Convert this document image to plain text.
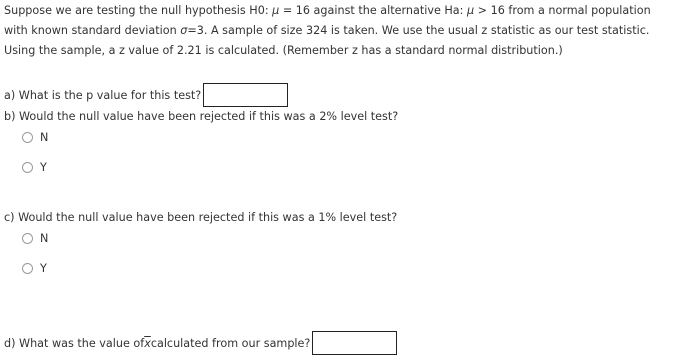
Suppose we are testing the null hypothesis H0: μ = 16 against the alternative Ha: μ > 16 from a normal population

with known standard deviation σ=3. A sample of size 324 is taken. We use the usual z statistic as our test statistic.

Using the sample, a z value of 2.21 is calculated. (Remember z has a standard normal distribution.)

a) What is the p value for this test?
b) Would the null value have been rejected if this was a 2% level test?
N
Y
c) Would the null value have been rejected if this was a 1% level test?
N
Y
d) What was the value of $\overline{x}$ calculated from our sample?
